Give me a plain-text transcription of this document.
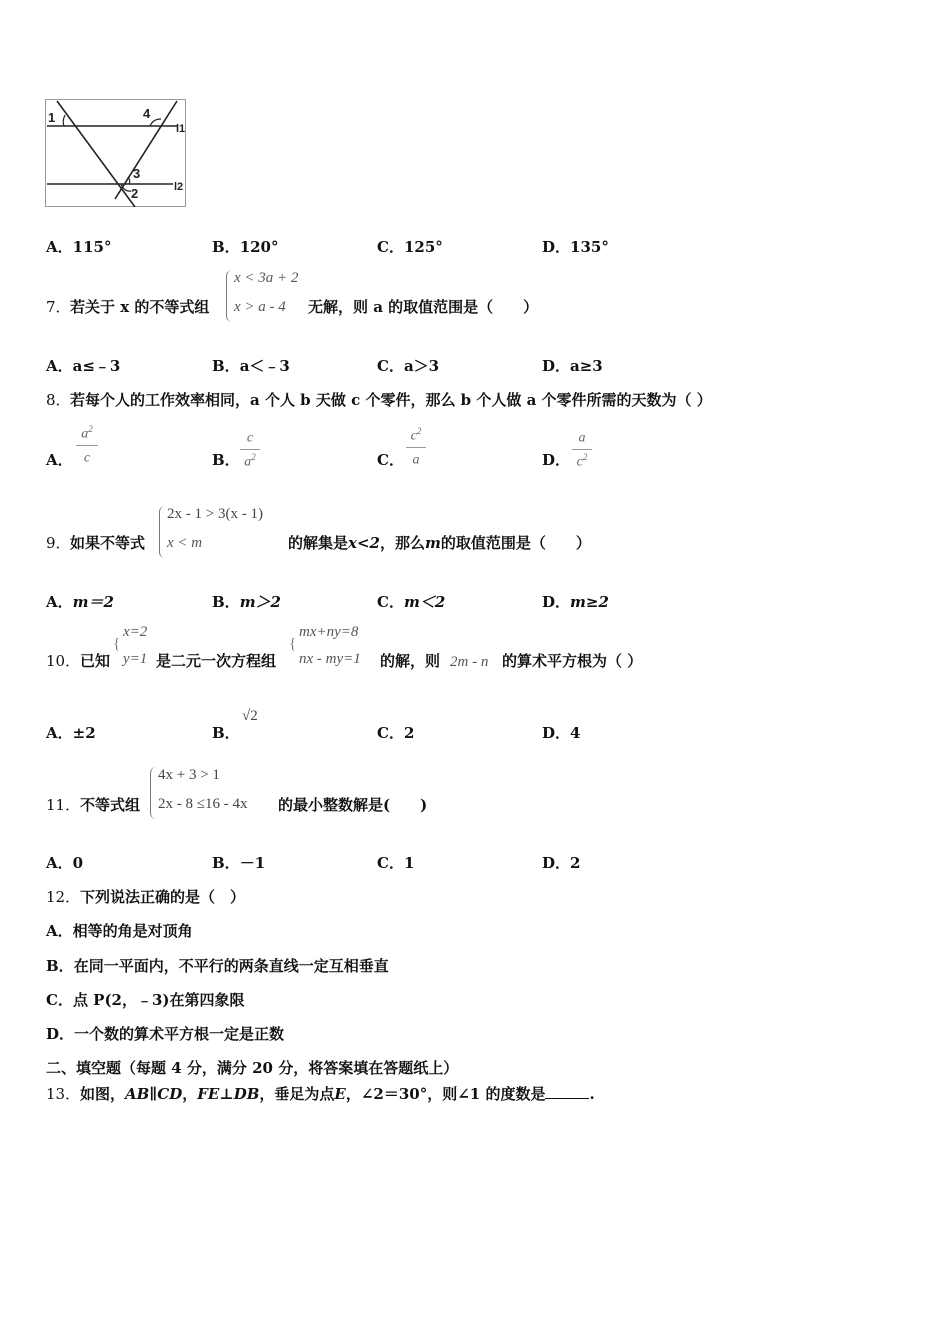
1	4
3
2
l1
l2
A．115°	B．120°	C．125°	D．135°
7． 若关于 x 的不等式组
x < 3a + 2
x > a - 4 无解，则 a 的取值范围是（　　）
A．a≤﹣3	B．a＜﹣3	C．a＞3	D．a≥3
8． 若每个人的工作效率相同，a 个人 b 天做 c 个零件，那么 b 个人做 a 个零件所需的天数为（ ）
A．
$a^2$
c	B．
c
$a^2$	C．
$c^2$
a	D．
a
$c^2$
9． 如果不等式
2x - 1 > 3(x - 1)
x < m	的解集是x<2，那么m的取值范围是（　　）
A．m＝2	B．m＞2	C．m＜2	D．m≥2
10． 已知
{
x=2
y=1 是二元一次方程组
{
mx+ny=8
nx - my=1 的解，则 2m - n 的算术平方根为（ ）
A．±2	B．
√2
C．2	D．4
11． 不等式组
4x + 3 > 1
2x - 8 ≤16 - 4x 的最小整数解是(　　)
A．0	B．－1	C．1	D．2
12． 下列说法正确的是（　）
A．相等的角是对顶角
B．在同一平面内，不平行的两条直线一定互相垂直
C．点 P(2，﹣3)在第四象限
D．一个数的算术平方根一定是正数
二、填空题（每题 4 分，满分 20 分，将答案填在答题纸上）
13． 如图，AB∥CD，FE⊥DB，垂足为点E，∠2＝30°，则∠1 的度数是	.
